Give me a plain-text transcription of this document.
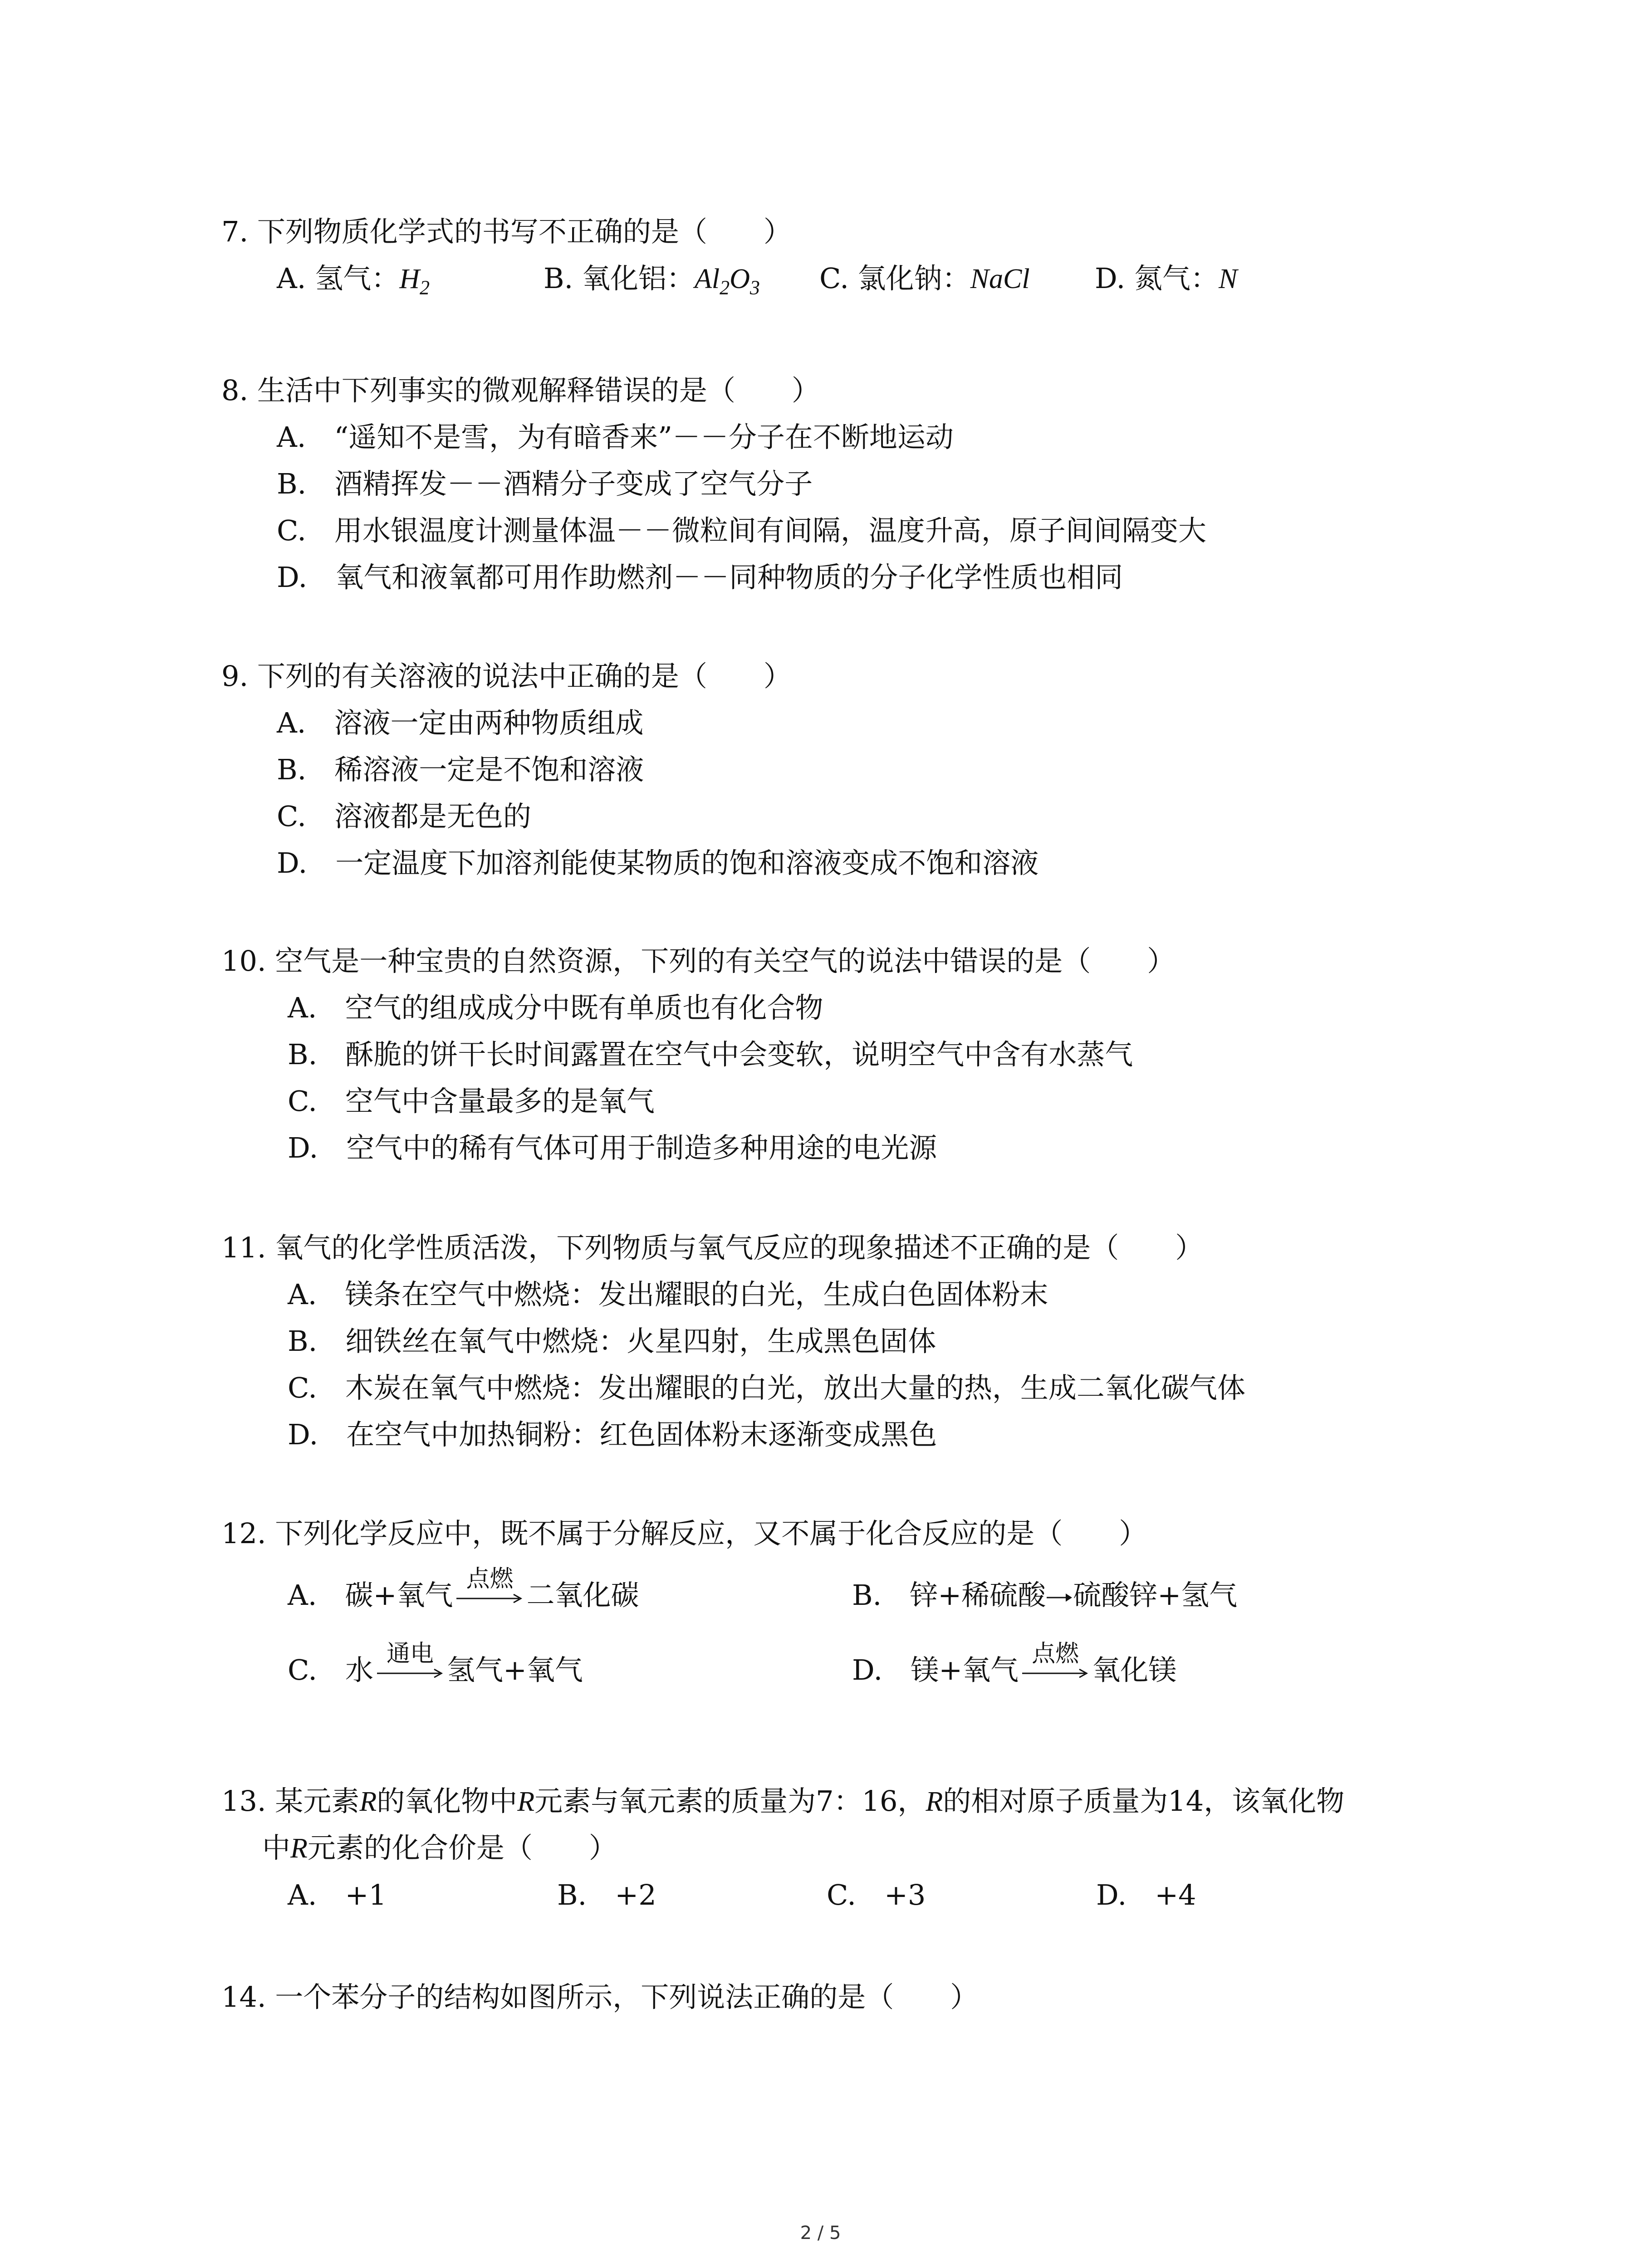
7. 下列物质化学式的书写不正确的是（　　）
A. 氢气：$H_2$	B. 氧化铝：$Al_2O_3$ C. 氯化钠：NaCl D. 氮气：N
8. 生活中下列事实的微观解释错误的是（　　）
A.　“遥知不是雪，为有暗香来”－－分子在不断地运动
B.　酒精挥发－－酒精分子变成了空气分子
C.　用水银温度计测量体温－－微粒间有间隔，温度升高，原子间间隔变大
D.　氧气和液氧都可用作助燃剂－－同种物质的分子化学性质也相同
9. 下列的有关溶液的说法中正确的是（　　）
A.　溶液一定由两种物质组成
B.　稀溶液一定是不饱和溶液
C.　溶液都是无色的
D.　一定温度下加溶剂能使某物质的饱和溶液变成不饱和溶液
10. 空气是一种宝贵的自然资源，下列的有关空气的说法中错误的是（　　）
A.　空气的组成成分中既有单质也有化合物
B.　酥脆的饼干长时间露置在空气中会变软，说明空气中含有水蒸气
C.　空气中含量最多的是氧气
D.　空气中的稀有气体可用于制造多种用途的电光源
11. 氧气的化学性质活泼，下列物质与氧气反应的现象描述不正确的是（　　）
A.　镁条在空气中燃烧：发出耀眼的白光，生成白色固体粉末
B.　细铁丝在氧气中燃烧：火星四射，生成黑色固体
C.　木炭在氧气中燃烧：发出耀眼的白光，放出大量的热，生成二氧化碳气体
D.　在空气中加热铜粉：红色固体粉末逐渐变成黑色
12. 下列化学反应中，既不属于分解反应，又不属于化合反应的是（　　）
A.　 碳+氧气 点燃 二氧化碳	B.　 锌+稀硫酸 硫酸锌+氢气
C.　 水 通电 氢气+氧气	D.　 镁+氧气 点燃 氧化镁
13. 某元素R的氧化物中R元素与氧元素的质量为7：16，R的相对原子质量为14，该氧化物
中R元素的化合价是（　　）
A.　 +1	B.　 +2	C.　 +3	D.　 +4
14. 一个苯分子的结构如图所示，下列说法正确的是（　　）
2 / 5
